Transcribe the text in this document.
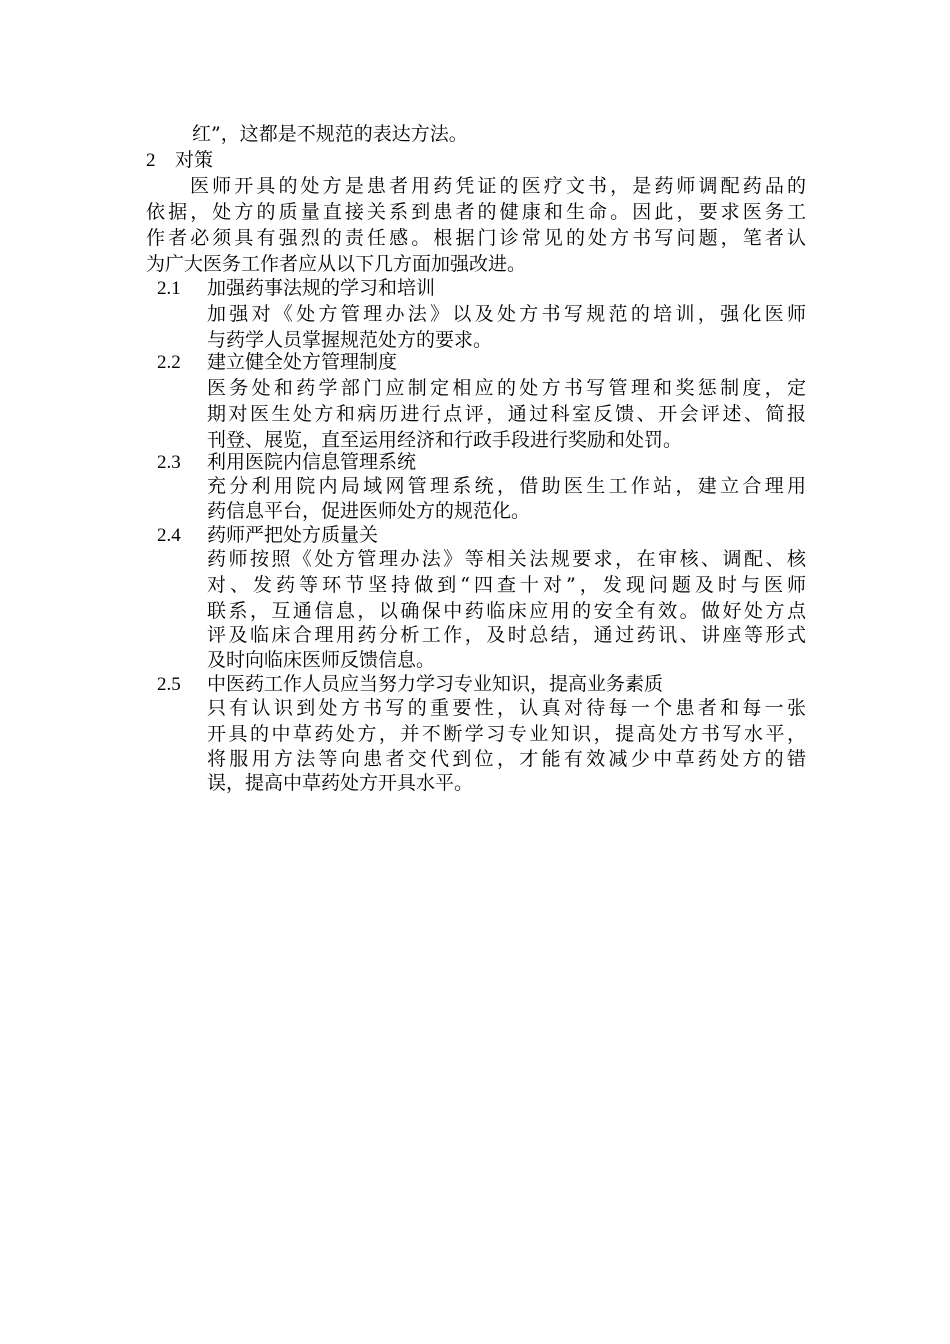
红”，这都是不规范的表达方法。
2 对策
医师开具的处方是患者用药凭证的医疗文书，是药师调配药品的
依据，处方的质量直接关系到患者的健康和生命。因此，要求医务工
作者必须具有强烈的责任感。根据门诊常见的处方书写问题，笔者认
为广大医务工作者应从以下几方面加强改进。
2.1 加强药事法规的学习和培训
加强对《处方管理办法》以及处方书写规范的培训，强化医师
与药学人员掌握规范处方的要求。
2.2 建立健全处方管理制度
医务处和药学部门应制定相应的处方书写管理和奖惩制度，定
期对医生处方和病历进行点评，通过科室反馈、开会评述、简报
刊登、展览，直至运用经济和行政手段进行奖励和处罚。
2.3 利用医院内信息管理系统
充分利用院内局域网管理系统，借助医生工作站，建立合理用
药信息平台，促进医师处方的规范化。
2.4 药师严把处方质量关
药师按照《处方管理办法》等相关法规要求，在审核、调配、核
对、发药等环节坚持做到“四查十对”，发现问题及时与医师
联系，互通信息，以确保中药临床应用的安全有效。做好处方点
评及临床合理用药分析工作，及时总结，通过药讯、讲座等形式
及时向临床医师反馈信息。
2.5 中医药工作人员应当努力学习专业知识，提高业务素质
只有认识到处方书写的重要性，认真对待每一个患者和每一张
开具的中草药处方，并不断学习专业知识，提高处方书写水平，
将服用方法等向患者交代到位，才能有效减少中草药处方的错
误，提高中草药处方开具水平。
